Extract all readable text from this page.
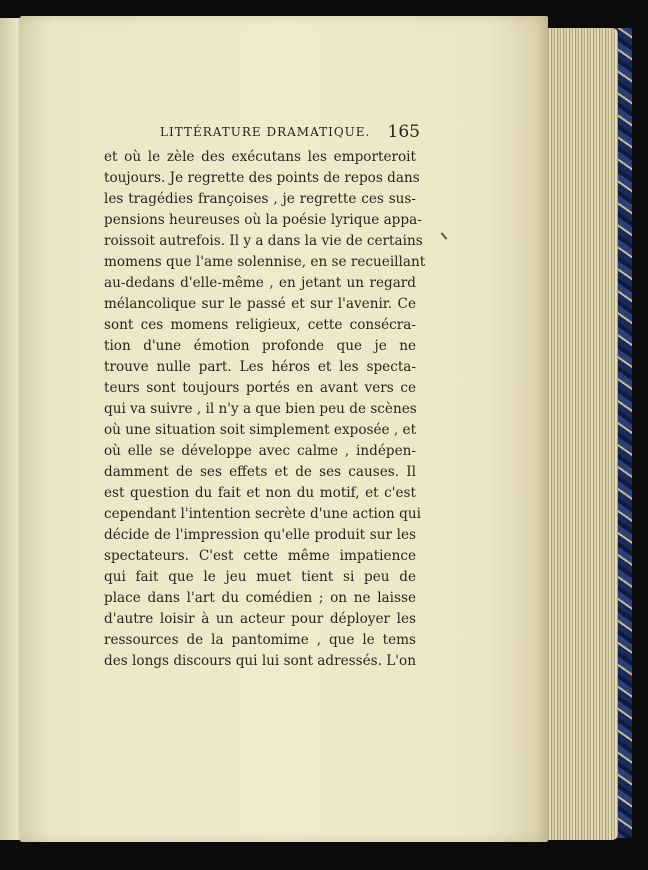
LITTÉRATURE DRAMATIQUE. 165
et où le zèle des exécutans les emporteroit
toujours. Je regrette des points de repos dans
les tragédies françoises , je regrette ces sus-
pensions heureuses où la poésie lyrique appa-
roissoit autrefois. Il y a dans la vie de certains
momens que l'ame solennise, en se recueillant
au-dedans d'elle-même , en jetant un regard
mélancolique sur le passé et sur l'avenir. Ce
sont ces momens religieux, cette consécra-
tion d'une émotion profonde que je ne
trouve nulle part. Les héros et les specta-
teurs sont toujours portés en avant vers ce
qui va suivre , il n'y a que bien peu de scènes
où une situation soit simplement exposée , et
où elle se développe avec calme , indépen-
damment de ses effets et de ses causes. Il
est question du fait et non du motif, et c'est
cependant l'intention secrète d'une action qui
décide de l'impression qu'elle produit sur les
spectateurs. C'est cette même impatience
qui fait que le jeu muet tient si peu de
place dans l'art du comédien ; on ne laisse
d'autre loisir à un acteur pour déployer les
ressources de la pantomime , que le tems
des longs discours qui lui sont adressés. L'on
